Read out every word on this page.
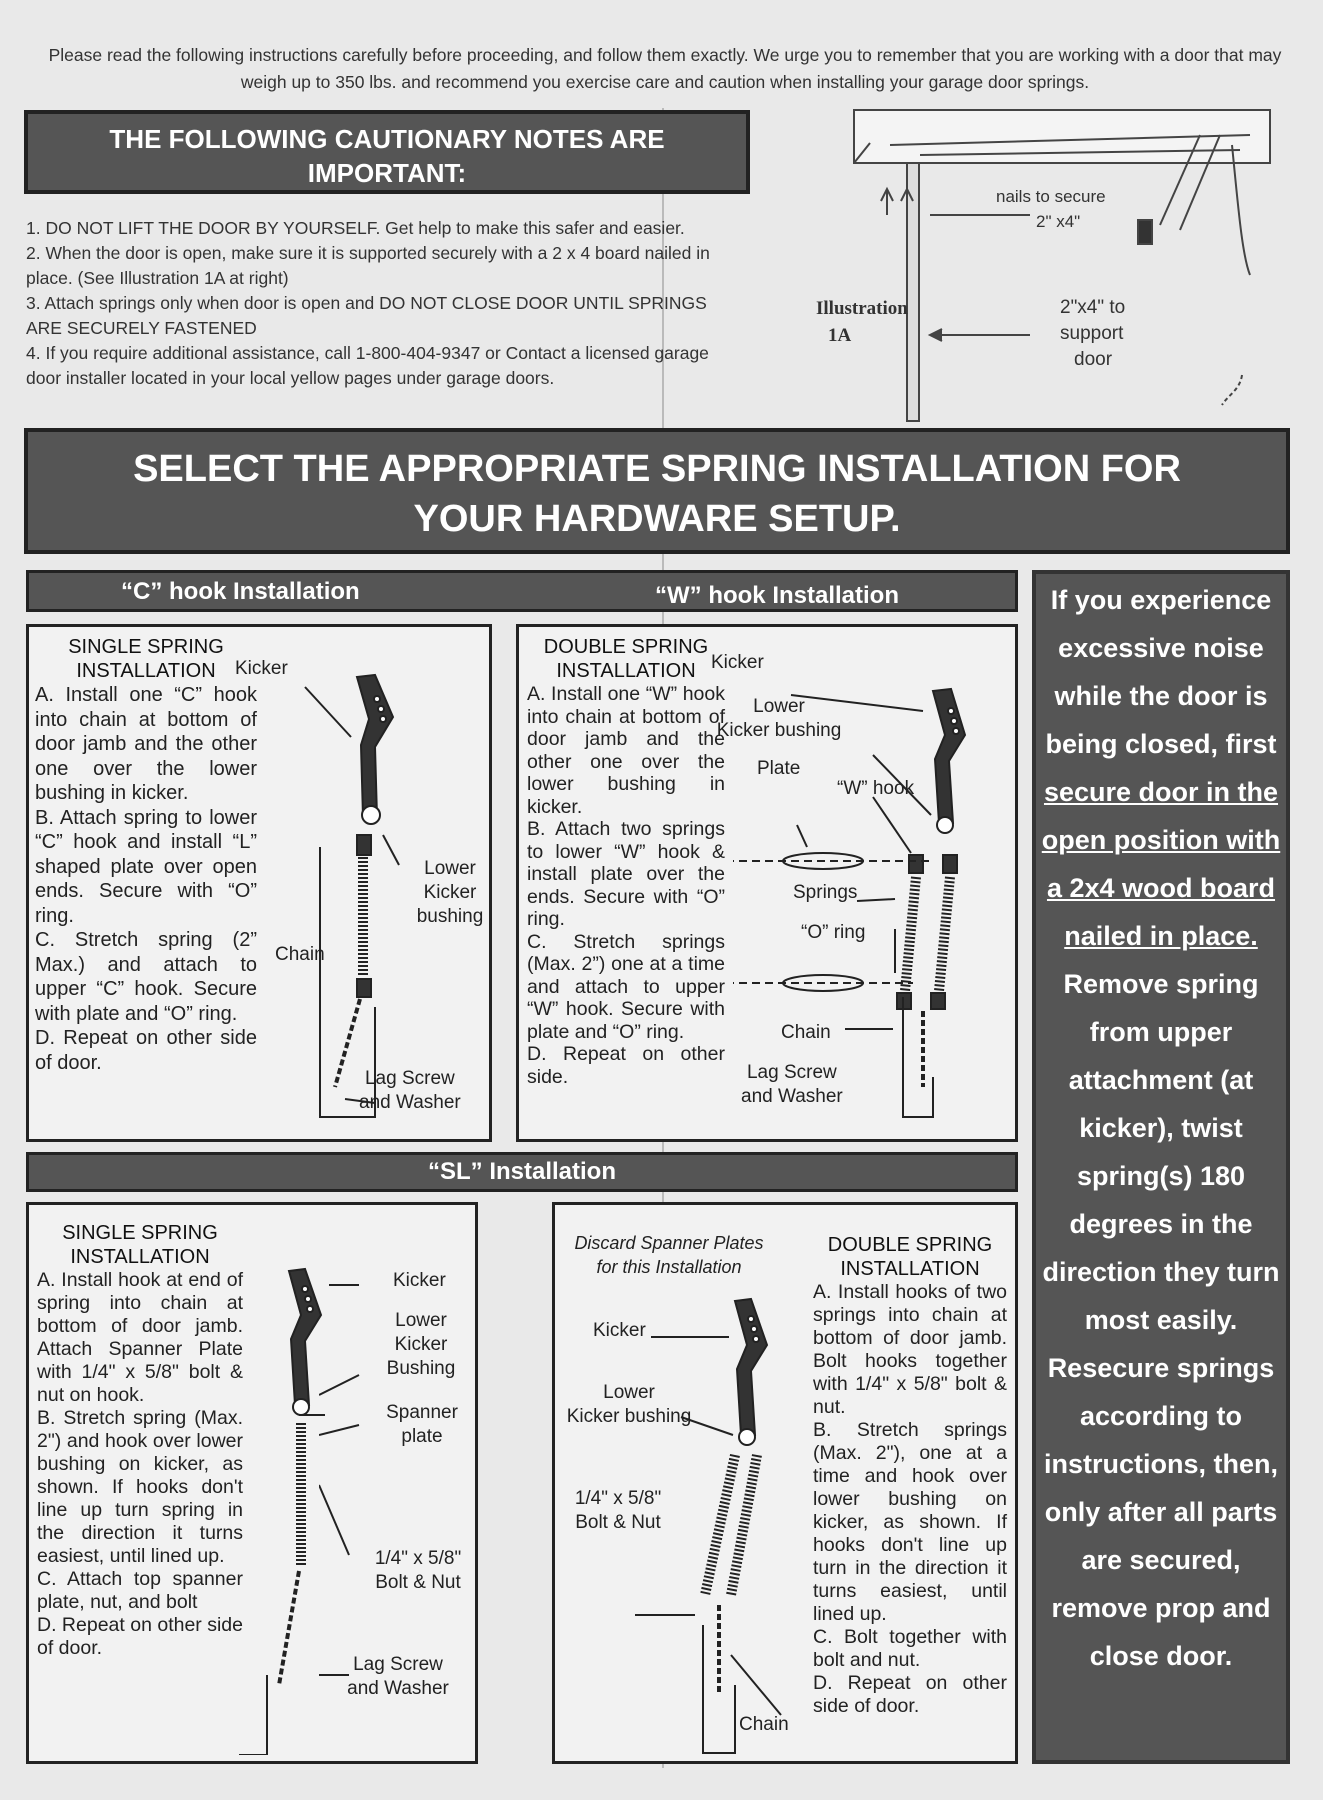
Please read the following instructions carefully before proceeding, and follow them exactly. We urge you to remember that you are working with a door that may weigh up to 350 lbs. and recommend you exercise care and caution when installing your garage door springs.
THE FOLLOWING CAUTIONARY NOTES ARE
IMPORTANT:

1. DO NOT LIFT THE DOOR BY YOURSELF. Get help to make this safer and easier.

2. When the door is open, make sure it is supported securely with a 2 x 4 board nailed in place. (See Illustration 1A at right)

3. Attach springs only when door is open and DO NOT CLOSE DOOR UNTIL SPRINGS ARE SECURELY FASTENED

4. If you require additional assistance, call 1-800-404-9347 or Contact a licensed garage door installer located in your local yellow pages under garage doors.

Illustration
1A
nails to secure
2" x4"
2"x4" to
support
door
SELECT THE APPROPRIATE SPRING INSTALLATION FOR
YOUR HARDWARE SETUP.
“C” hook Installation	“W” hook Installation
SINGLE SPRING
INSTALLATION

A. Install one “C” hook into chain at bottom of door jamb and the other one over the lower bushing in kicker.

B. Attach spring to lower “C” hook and install “L” shaped plate over open ends. Secure with “O” ring.

C. Stretch spring (2” Max.) and attach to upper “C” hook. Secure with plate and “O” ring.

D. Repeat on other side of door.

Kicker
Lower
Kicker
bushing
Chain
Lag Screw
and Washer
DOUBLE SPRING
INSTALLATION

A. Install one “W” hook into chain at bottom of door jamb and the other one over the lower bushing in kicker.

B. Attach two springs to lower “W” hook & install plate over the ends. Secure with “O” ring.

C. Stretch springs (Max. 2”) one at a time and attach to upper “W” hook. Secure with plate and “O” ring.

D. Repeat on other side.

Kicker
Lower
Kicker bushing
Plate
“W” hook
Springs
“O” ring
Chain
Lag Screw
and Washer
“SL” Installation
SINGLE SPRING
INSTALLATION

A. Install hook at end of spring into chain at bottom of door jamb. Attach Spanner Plate with 1/4" x 5/8" bolt & nut on hook.

B. Stretch spring (Max. 2") and hook over lower bushing on kicker, as shown. If hooks don't line up turn spring in the direction it turns easiest, until lined up.

C. Attach top spanner plate, nut, and bolt

D. Repeat on other side of door.

Kicker
Lower
Kicker
Bushing
Spanner
plate
1/4" x 5/8"
Bolt & Nut
Lag Screw
and Washer
Discard Spanner Plates
for this Installation
DOUBLE SPRING
INSTALLATION

A. Install hooks of two springs into chain at bottom of door jamb. Bolt hooks together with 1/4" x 5/8" bolt & nut.

B. Stretch springs (Max. 2"), one at a time and hook over lower bushing on kicker, as shown. If hooks don't line up turn in the direction it turns easiest, until lined up.

C. Bolt together with bolt and nut.

D. Repeat on other side of door.

Kicker
Lower
Kicker bushing
1/4" x 5/8"
Bolt & Nut
Chain
If you experience excessive noise while the door is being closed, first secure door in the open position with a 2x4 wood board nailed in place. Remove spring from upper attachment (at kicker), twist spring(s) 180 degrees in the direction they turn most easily. Resecure springs according to instructions, then, only after all parts are secured, remove prop and close door.
